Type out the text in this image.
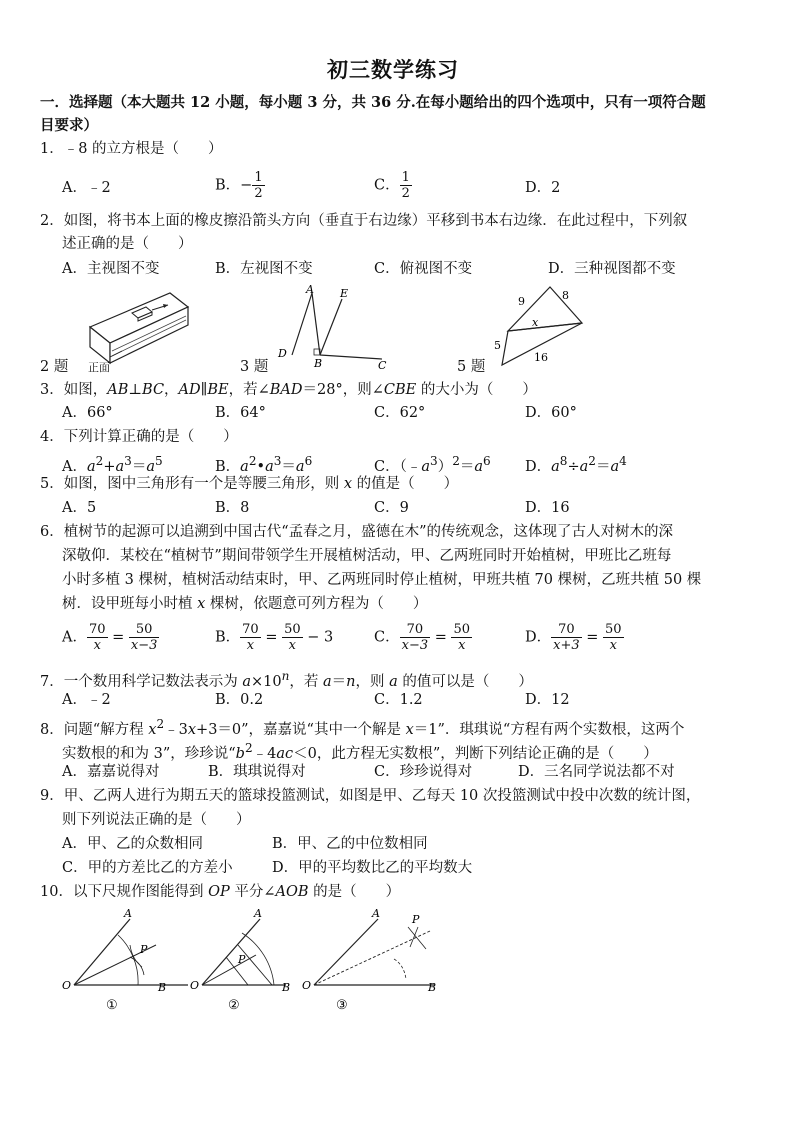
初三数学练习
一．选择题（本大题共 12 小题，每小题 3 分，共 36 分.在每小题给出的四个选项中，只有一项符合题
目要求）
1．﹣8 的立方根是（　　）
A．﹣2	B．− $\frac{1}{2}$	C． $\frac{1}{2}$	D．2
2．如图，将书本上面的橡皮擦沿箭头方向（垂直于右边缘）平移到书本右边缘．在此过程中，下列叙
述正确的是（　　）
A．主视图不变	B．左视图不变	C．俯视图不变	D．三种视图都不变
正面
2 题
A E
D
B	C
3 题
9	8
x
5
16
5 题
3．如图，AB⊥BC，AD∥BE，若∠BAD＝28°，则∠CBE 的大小为（　　）
A．66°	B．64°	C．62°	D．60°
4．下列计算正确的是（　　）
A．$a^2+a^3=a^5$	B．$a^2•a^3=a^6$	C．$(﹣a^3)^2=a^6$ D．$a^8\div a^2=a^4$
5．如图，图中三角形有一个是等腰三角形，则 x 的值是（　　）
A．5	B．8	C．9	D．16
6．植树节的起源可以追溯到中国古代“孟春之月，盛德在木”的传统观念，这体现了古人对树木的深
深敬仰．某校在“植树节”期间带领学生开展植树活动，甲、乙两班同时开始植树，甲班比乙班每
小时多植 3 棵树，植树活动结束时，甲、乙两班同时停止植树，甲班共植 70 棵树，乙班共植 50 棵
树．设甲班每小时植 x 棵树，依题意可列方程为（　　）
A． $\frac{70}{x} = \frac{50}{x-3}$	B． $\frac{70}{x} = \frac{50}{x} - 3$	C． $\frac{70}{x-3} = \frac{50}{x}$	D． $\frac{70}{x+3} = \frac{50}{x}$
7．一个数用科学记数法表示为 $a\times 10^n$，若 a＝n，则 a 的值可以是（　　）
A．﹣2	B．0.2	C．1.2	D．12
8．问题“解方程 $x^2﹣3x+3=0$”，嘉嘉说“其中一个解是 x＝1”．琪琪说“方程有两个实数根，这两个
实数根的和为 3”，珍珍说“$b^2﹣4ac<0$，此方程无实数根”，判断下列结论正确的是（　　）
A．嘉嘉说得对	B．琪琪说得对	C．珍珍说得对	D．三名同学说法都不对
9．甲、乙两人进行为期五天的篮球投篮测试，如图是甲、乙每天 10 次投篮测试中投中次数的统计图，
则下列说法正确的是（　　）
A．甲、乙的众数相同	B．甲、乙的中位数相同
C．甲的方差比乙的方差小	D．甲的平均数比乙的平均数大
10．以下尺规作图能得到 OP 平分∠AOB 的是（　　）
A
P
O	B
①
A
P
O	B
②
A	P
O	B
③
